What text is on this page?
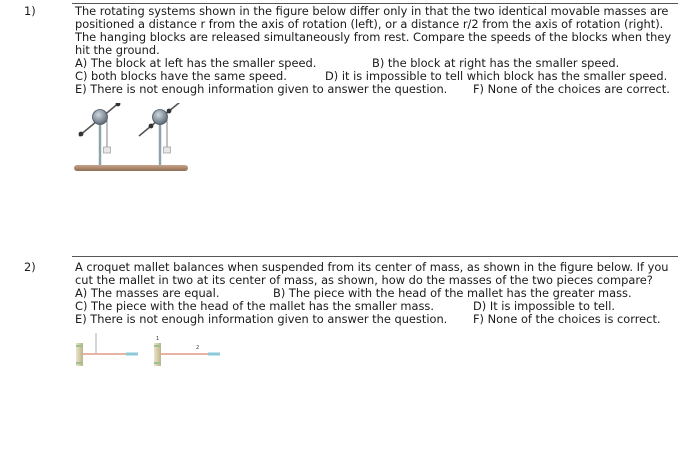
1)	The rotating systems shown in the figure below differ only in that the two identical movable masses are

positioned a distance r from the axis of rotation (left), or a distance r/2 from the axis of rotation (right).

The hanging blocks are released simultaneously from rest. Compare the speeds of the blocks when they

hit the ground.

A) The block at left has the smaller speed.	B) the block at right has the smaller speed.
C) both blocks have the same speed.	D) it is impossible to tell which block has the smaller speed.
E) There is not enough information given to answer the question. F) None of the choices are correct.
2)	A croquet mallet balances when suspended from its center of mass, as shown in the figure below. If you

cut the mallet in two at its center of mass, as shown, how do the masses of the two pieces compare?

A) The masses are equal.	B) The piece with the head of the mallet has the greater mass.
C) The piece with the head of the mallet has the smaller mass.	D) It is impossible to tell.
E) There is not enough information given to answer the question. F) None of the choices is correct.
1
2
